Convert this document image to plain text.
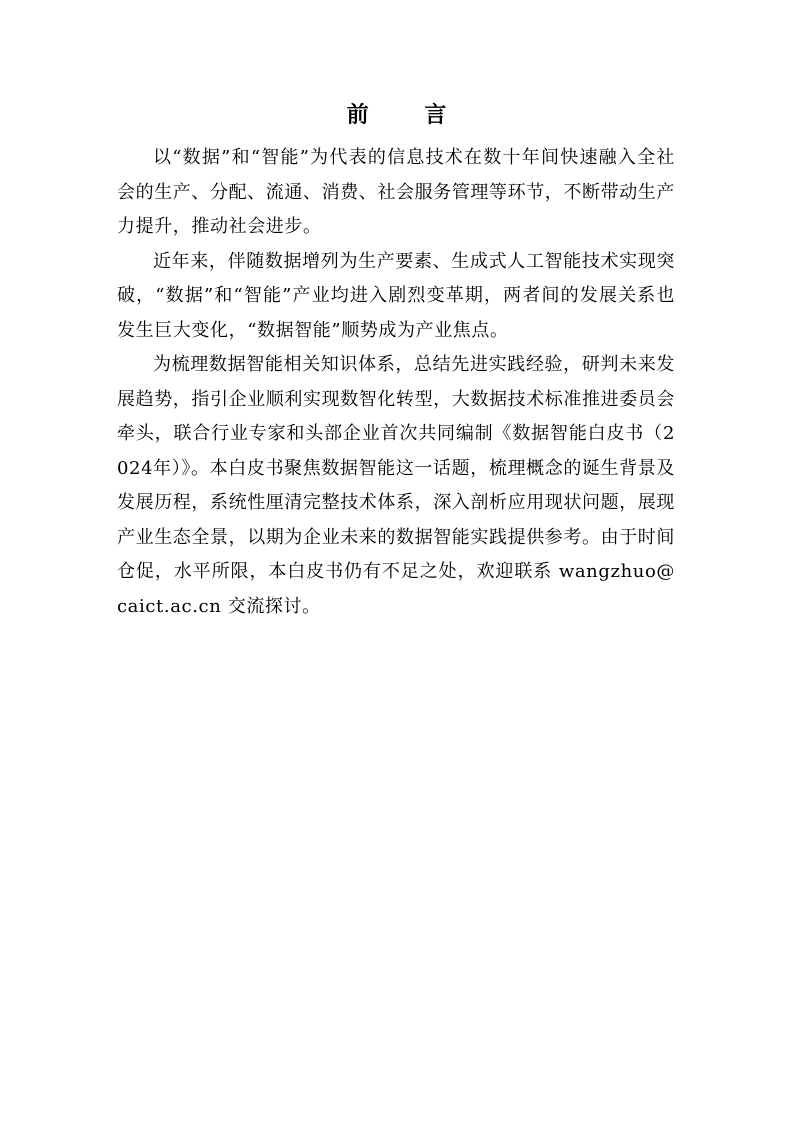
前 言

以“数据”和“智能”为代表的信息技术在数十年间快速融入全社会的生产、分配、流通、消费、社会服务管理等环节，不断带动生产力提升，推动社会进步。

近年来，伴随数据增列为生产要素、生成式人工智能技术实现突破，“数据”和“智能”产业均进入剧烈变革期，两者间的发展关系也发生巨大变化，“数据智能”顺势成为产业焦点。

为梳理数据智能相关知识体系，总结先进实践经验，研判未来发展趋势，指引企业顺利实现数智化转型，大数据技术标准推进委员会牵头，联合行业专家和头部企业首次共同编制《数据智能白皮书（2024年）》。本白皮书聚焦数据智能这一话题，梳理概念的诞生背景及发展历程，系统性厘清完整技术体系，深入剖析应用现状问题，展现产业生态全景，以期为企业未来的数据智能实践提供参考。由于时间仓促，水平所限，本白皮书仍有不足之处，欢迎联系 wangzhuo@caict.ac.cn 交流探讨。
